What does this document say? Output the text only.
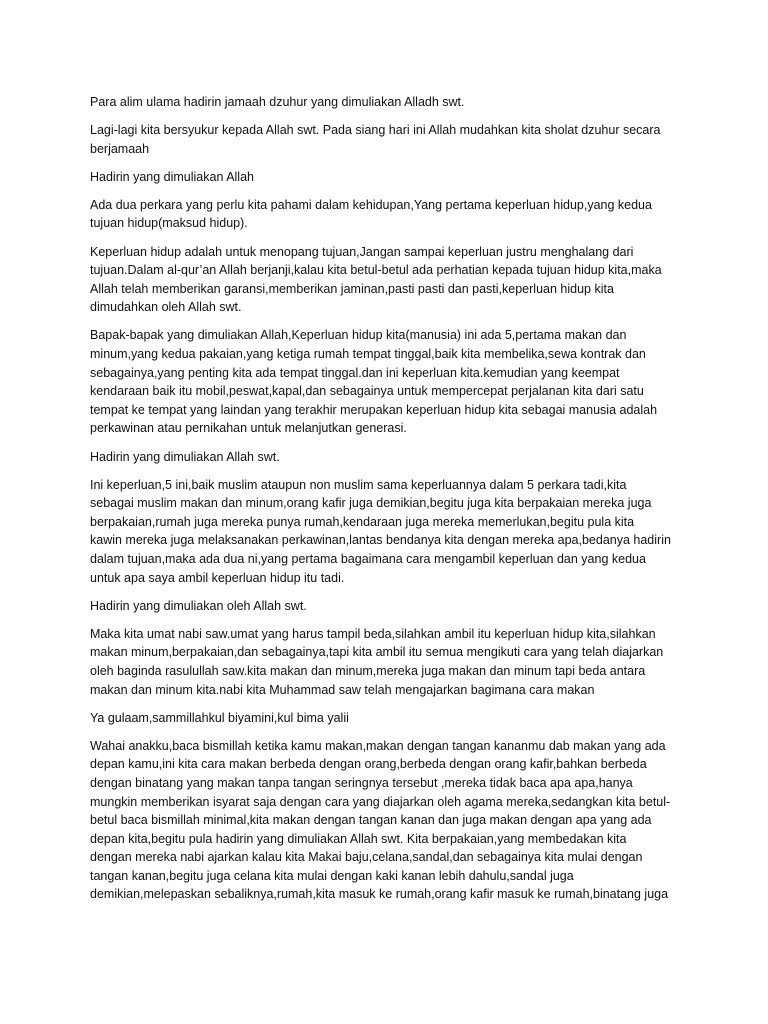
Para alim ulama hadirin jamaah dzuhur yang dimuliakan Alladh swt.
Lagi-lagi kita bersyukur kepada Allah swt. Pada siang hari ini Allah mudahkan kita sholat dzuhur secara
berjamaah
Hadirin yang dimuliakan Allah
Ada dua perkara yang perlu kita pahami dalam kehidupan,Yang pertama keperluan hidup,yang kedua
tujuan hidup(maksud hidup).
Keperluan hidup adalah untuk menopang tujuan,Jangan sampai keperluan justru menghalang dari
tujuan.Dalam al-qur’an Allah berjanji,kalau kita betul-betul ada perhatian kepada tujuan hidup kita,maka
Allah telah memberikan garansi,memberikan jaminan,pasti pasti dan pasti,keperluan hidup kita
dimudahkan oleh Allah swt.
Bapak-bapak yang dimuliakan Allah,Keperluan hidup kita(manusia) ini ada 5,pertama makan dan
minum,yang kedua pakaian,yang ketiga rumah tempat tinggal,baik kita membelika,sewa kontrak dan
sebagainya,yang penting kita ada tempat tinggal.dan ini keperluan kita.kemudian yang keempat
kendaraan baik itu mobil,peswat,kapal,dan sebagainya untuk mempercepat perjalanan kita dari satu
tempat ke tempat yang laindan yang terakhir merupakan keperluan hidup kita sebagai manusia adalah
perkawinan atau pernikahan untuk melanjutkan generasi.
Hadirin yang dimuliakan Allah swt.
Ini keperluan,5 ini,baik muslim ataupun non muslim sama keperluannya dalam 5 perkara tadi,kita
sebagai muslim makan dan minum,orang kafir juga demikian,begitu juga kita berpakaian mereka juga
berpakaian,rumah juga mereka punya rumah,kendaraan juga mereka memerlukan,begitu pula kita
kawin mereka juga melaksanakan perkawinan,lantas bendanya kita dengan mereka apa,bedanya hadirin
dalam tujuan,maka ada dua ni,yang pertama bagaimana cara mengambil keperluan dan yang kedua
untuk apa saya ambil keperluan hidup itu tadi.
Hadirin yang dimuliakan oleh Allah swt.
Maka kita umat nabi saw.umat yang harus tampil beda,silahkan ambil itu keperluan hidup kita,silahkan
makan minum,berpakaian,dan sebagainya,tapi kita ambil itu semua mengikuti cara yang telah diajarkan
oleh baginda rasulullah saw.kita makan dan minum,mereka juga makan dan minum tapi beda antara
makan dan minum kita.nabi kita Muhammad saw telah mengajarkan bagimana cara makan
Ya gulaam,sammillahkul biyamini,kul bima yalii
Wahai anakku,baca bismillah ketika kamu makan,makan dengan tangan kananmu dab makan yang ada
depan kamu,ini kita cara makan berbeda dengan orang,berbeda dengan orang kafir,bahkan berbeda
dengan binatang yang makan tanpa tangan seringnya tersebut ,mereka tidak baca apa apa,hanya
mungkin memberikan isyarat saja dengan cara yang diajarkan oleh agama mereka,sedangkan kita betul-
betul baca bismillah minimal,kita makan dengan tangan kanan dan juga makan dengan apa yang ada
depan kita,begitu pula hadirin yang dimuliakan Allah swt. Kita berpakaian,yang membedakan kita
dengan mereka nabi ajarkan kalau kita Makai baju,celana,sandal,dan sebagainya kita mulai dengan
tangan kanan,begitu juga celana kita mulai dengan kaki kanan lebih dahulu,sandal juga
demikian,melepaskan sebaliknya,rumah,kita masuk ke rumah,orang kafir masuk ke rumah,binatang juga
